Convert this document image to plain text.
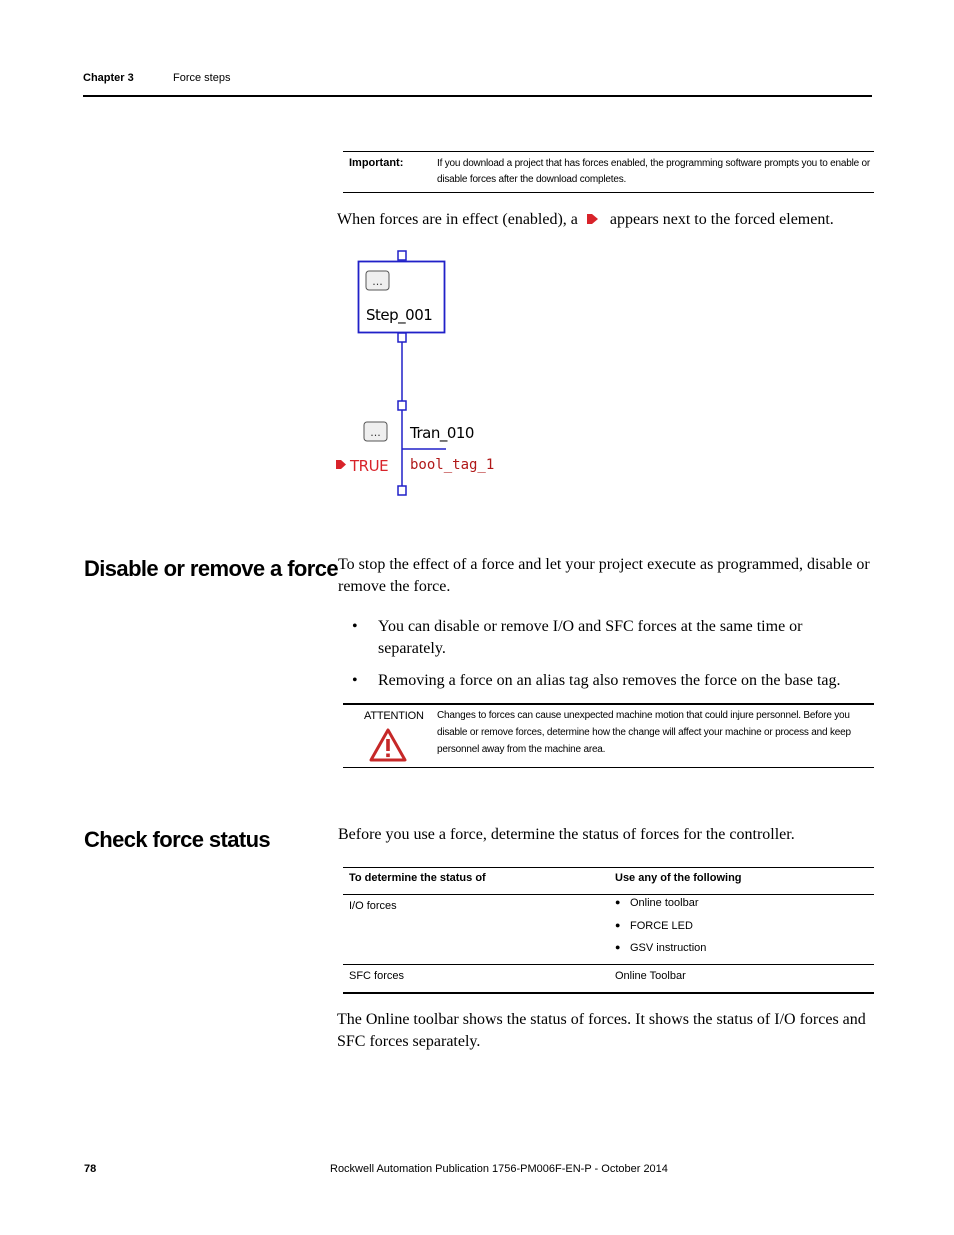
Chapter 3	Force steps
Important:	If you download a project that has forces enabled, the programming software prompts you to enable or disable forces after the download completes.
When forces are in effect (enabled), a appears next to the forced element.
...
Step_001
... Tran_010
TRUE bool_tag_1
Disable or remove a force To stop the effect of a force and let your project execute as programmed, disable or remove the force.
• You can disable or remove I/O and SFC forces at the same time or separately.
• Removing a force on an alias tag also removes the force on the base tag.
ATTENTION Changes to forces can cause unexpected machine motion that could injure personnel. Before you disable or remove forces, determine how the change will affect your machine or process and keep personnel away from the machine area.
Check force status	Before you use a force, determine the status of forces for the controller.
To determine the status of	Use any of the following
I/O forces	● Online toolbar
● FORCE LED
● GSV instruction
SFC forces	Online Toolbar
The Online toolbar shows the status of forces. It shows the status of I/O forces and SFC forces separately.
78	Rockwell Automation Publication 1756-PM006F-EN-P - October 2014
